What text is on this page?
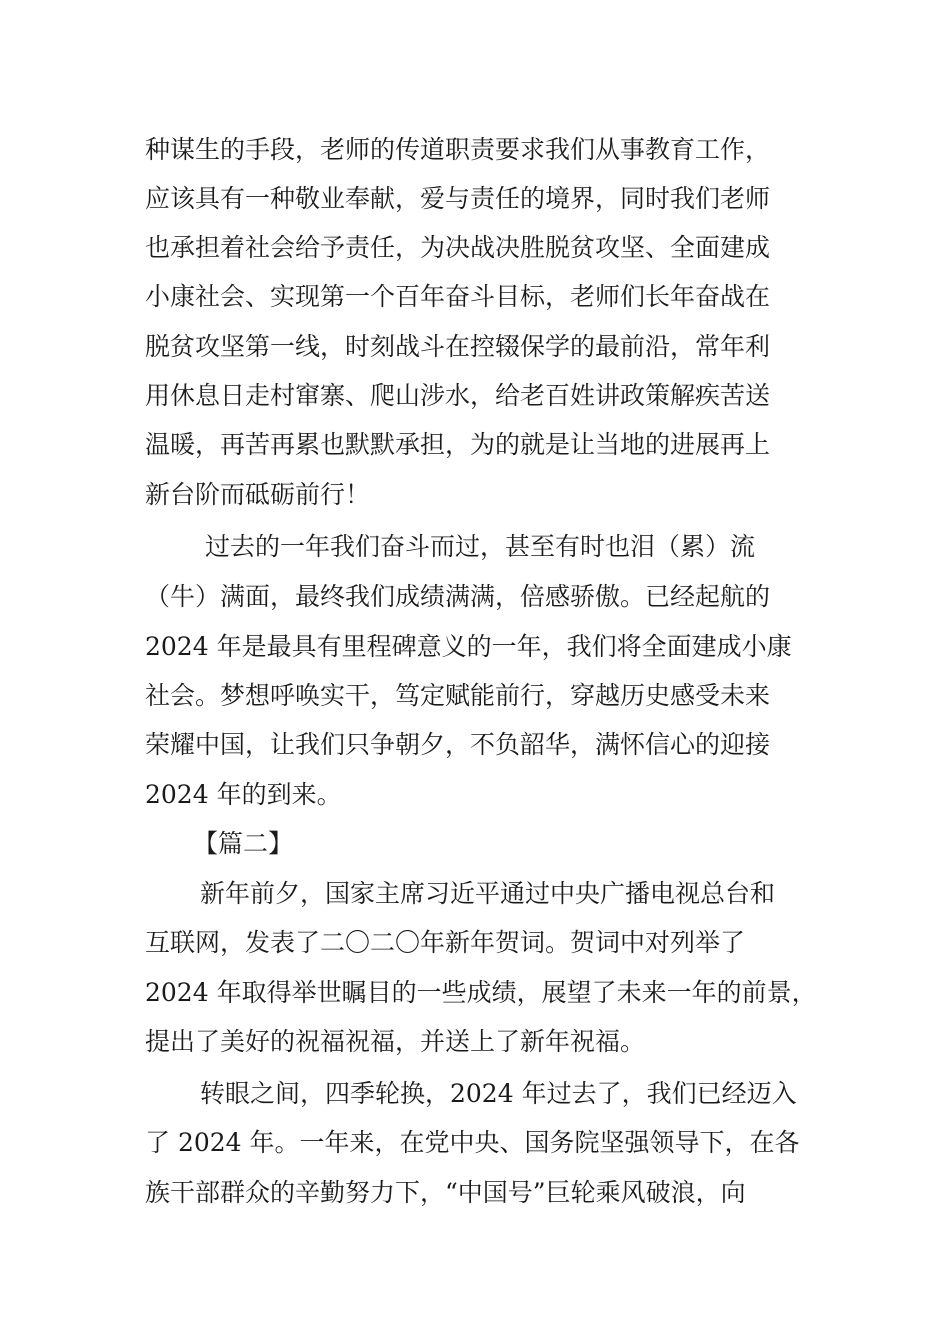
种谋生的手段，老师的传道职责要求我们从事教育工作，
应该具有一种敬业奉献，爱与责任的境界，同时我们老师
也承担着社会给予责任，为决战决胜脱贫攻坚、全面建成
小康社会、实现第一个百年奋斗目标，老师们长年奋战在
脱贫攻坚第一线，时刻战斗在控辍保学的最前沿，常年利
用休息日走村窜寨、爬山涉水，给老百姓讲政策解疾苦送
温暖，再苦再累也默默承担，为的就是让当地的进展再上
新台阶而砥砺前行！
过去的一年我们奋斗而过，甚至有时也泪（累）流
（牛）满面，最终我们成绩满满，倍感骄傲。已经起航的
2024 年是最具有里程碑意义的一年，我们将全面建成小康
社会。梦想呼唤实干，笃定赋能前行，穿越历史感受未来
荣耀中国，让我们只争朝夕，不负韶华，满怀信心的迎接
2024 年的到来。
【篇二】
新年前夕，国家主席习近平通过中央广播电视总台和
互联网，发表了二〇二〇年新年贺词。贺词中对列举了
2024 年取得举世瞩目的一些成绩，展望了未来一年的前景，
提出了美好的祝福祝福，并送上了新年祝福。
转眼之间，四季轮换，2024 年过去了，我们已经迈入
了 2024 年。一年来，在党中央、国务院坚强领导下，在各
族干部群众的辛勤努力下，“中国号”巨轮乘风破浪，向
